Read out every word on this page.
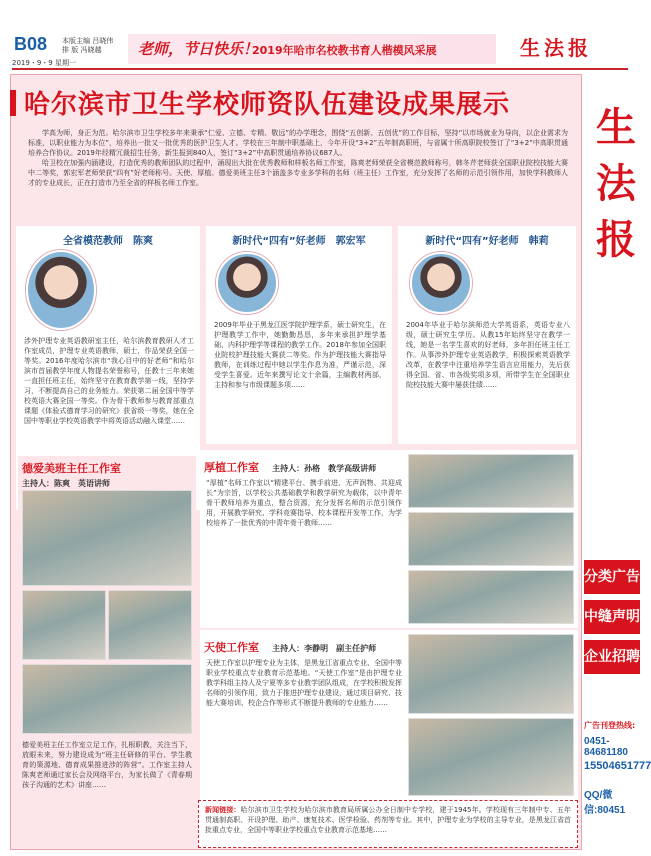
B08 本版主编 吕晓伟
排 版 冯晓越
2019・9・9 星期一
老师，节日快乐！
2019年哈市名校教书育人楷模风采展	生法报
哈尔滨市卫生学校师资队伍建设成果展示

学高为师，身正为范。哈尔滨市卫生学校多年来秉承“仁爱、立德、专精、敬远”的办学理念，围绕“五创新、五创优”的工作目标，坚持“以市场就业为导向，以企业需求为标准，以职业能力为本位”，培养出一批又一批优秀的医护卫生人才。学校在三年制中职基础上，今年开设“3+2”五年制高职班，与省属十所高职院校签订了“3+2”中高职贯通培养合作协议。2019年经精冗裁招生任务，新生报到840人，签订“3+2”中高职贯通培养协议687人。

哈卫校在加强内涵建设，打造优秀的教师团队的过程中，涌现出大批在优秀教师和样板名师工作室，陈爽老师荣获全省模范教师称号，韩冬芹老师获全国职业院校技能大赛中二等奖，郭宏军老师荣获“四有”好老师称号。天使、厚植、德爱美班主任3个涵盖多专业多学科的名师（班主任）工作室，充分发挥了名师的示范引领作用，加快学科教师人才的专业成长，正在打造市乃至全省的样板名师工作室。

全省模范教师　陈爽
涉外护理专业英语教研室主任，哈尔滨教育教研人才工作室成员，护理专业英语教师，硕士，作品荣获全国一等奖。2016年度哈尔滨市“我心目中的好老师”和哈尔滨市首届教学年度人物提名荣誉称号，任教十三年来她一直担任班主任，始终坚守在教育教学第一线，坚持学习，不断提高自己的业务能力。荣获第二届全国中等学校英语大赛全国一等奖。作为骨干教师参与教育部重点课题《体验式德育学习的研究》获省级一等奖，她在全国中等职业学校英语教学中将英语活动融入课堂……
新时代“四有”好老师　郭宏军
2009年毕业于黑龙江医学院护理学系，硕士研究生，在护理教学工作中，她勤勤恳恳，多年来承担护理学基础、内科护理学等课程的教学工作。2018年参加全国职业院校护理技能大赛获二等奖。作为护理技能大赛指导教师，在训练过程中她以学生作息为准，严谨示范，深受学生喜爱。近年来撰写论文十余篇，主编教材两部，主持和参与市级课题多项……
新时代“四有”好老师　韩莉
2004年毕业于哈尔滨师范大学英语系，英语专业八级，硕士研究生学历。从教15年始终坚守在教学一线，她是一名学生喜欢的好老师，多年担任班主任工作。从事涉外护理专业英语教学，积极探索英语教学改革，在教学中注重培养学生语言应用能力，先后获得全国、省、市各级奖项多项，所带学生在全国职业院校技能大赛中屡获佳绩……
德爱美班主任工作室
主持人：陈爽　英语讲师
德爱美班主任工作室立足工作，扎根职教，关注当下，放眼未来，努力建设成为“班主任研修的平台、学生教育的策源地、德育成果推进涉的阵营”。工作室主持人陈爽老师通过家长会及网络平台，为家长做了《青春期孩子沟通的艺术》讲座……
厚植工作室 主持人：孙格　教学高级讲师
“厚植”名师工作室以“精建平台、携手前进、无声润物、共迎成长”为宗旨，以学校公共基础教学和教学研究为载体，以中青年骨干教师培养为重点，整合资源，充分发挥名师的示范引领作用，开展教学研究、学科竞赛指导、校本课程开发等工作，为学校培养了一批优秀的中青年骨干教师……
天使工作室 主持人：李静明　副主任护师
天使工作室以护理专业为主体，是黑龙江省重点专业、全国中等职业学校重点专业教育示范基地。“天使工作室”是由护理专业教学科组主持人及宁夏等多专业教学团队组成，在学校积极发挥名师的引领作用，致力于推进护理专业建设，通过项目研究、技能大赛培训、校企合作等形式不断提升教师的专业能力……
新闻链接：哈尔滨市卫生学校为哈尔滨市教育局所属公办全日制中专学校，建于1945年。学校现有三年制中专、五年贯通制高职、开设护理、助产、康复技术、医学检验、药剂等专业。其中，护理专业为学校的主导专业，是黑龙江省首批重点专业，全国中等职业学校重点专业教育示范基地……
生法报
分类广告
中缝声明
企业招聘
广告刊登热线:
0451-84681180
15504651777
QQ/微信:80451
